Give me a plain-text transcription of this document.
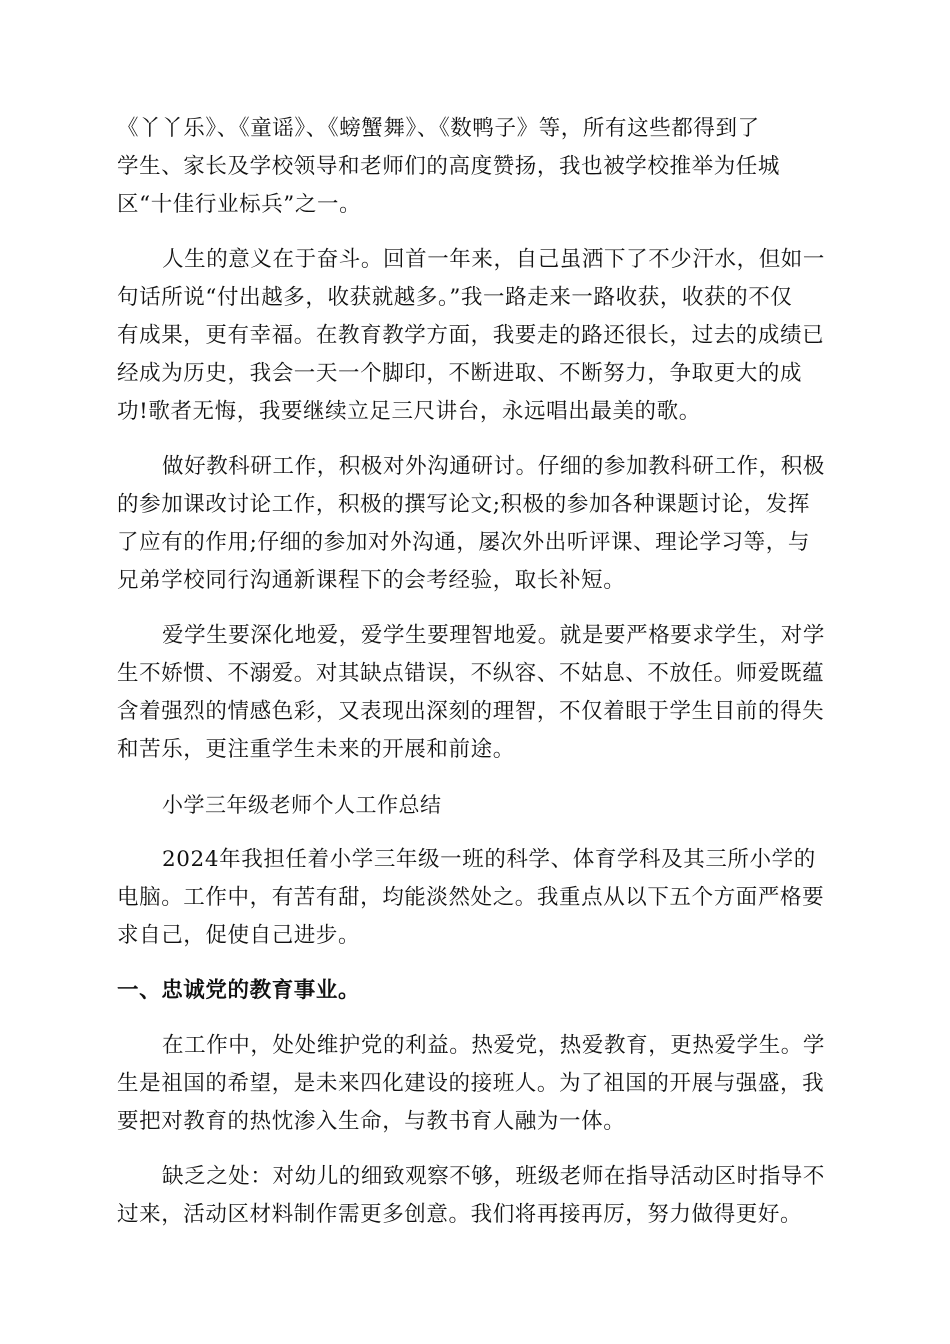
《丫丫乐》、《童谣》、《螃蟹舞》、《数鸭子》等，所有这些都得到了
学生、家长及学校领导和老师们的高度赞扬，我也被学校推举为任城
区“十佳行业标兵”之一。

人生的意义在于奋斗。回首一年来，自己虽洒下了不少汗水，但如一
句话所说“付出越多，收获就越多。”我一路走来一路收获，收获的不仅
有成果，更有幸福。在教育教学方面，我要走的路还很长，过去的成绩已
经成为历史，我会一天一个脚印，不断进取、不断努力，争取更大的成
功!歌者无悔，我要继续立足三尺讲台，永远唱出最美的歌。

做好教科研工作，积极对外沟通研讨。仔细的参加教科研工作，积极
的参加课改讨论工作，积极的撰写论文;积极的参加各种课题讨论，发挥
了应有的作用;仔细的参加对外沟通，屡次外出听评课、理论学习等，与
兄弟学校同行沟通新课程下的会考经验，取长补短。

爱学生要深化地爱，爱学生要理智地爱。就是要严格要求学生，对学
生不娇惯、不溺爱。对其缺点错误，不纵容、不姑息、不放任。师爱既蕴
含着强烈的情感色彩，又表现出深刻的理智，不仅着眼于学生目前的得失
和苦乐，更注重学生未来的开展和前途。

小学三年级老师个人工作总结

2024年我担任着小学三年级一班的科学、体育学科及其三所小学的
电脑。工作中，有苦有甜，均能淡然处之。我重点从以下五个方面严格要
求自己，促使自己进步。

一、忠诚党的教育事业。

在工作中，处处维护党的利益。热爱党，热爱教育，更热爱学生。学
生是祖国的希望，是未来四化建设的接班人。为了祖国的开展与强盛，我
要把对教育的热忱渗入生命，与教书育人融为一体。

缺乏之处：对幼儿的细致观察不够，班级老师在指导活动区时指导不
过来，活动区材料制作需更多创意。我们将再接再厉，努力做得更好。
